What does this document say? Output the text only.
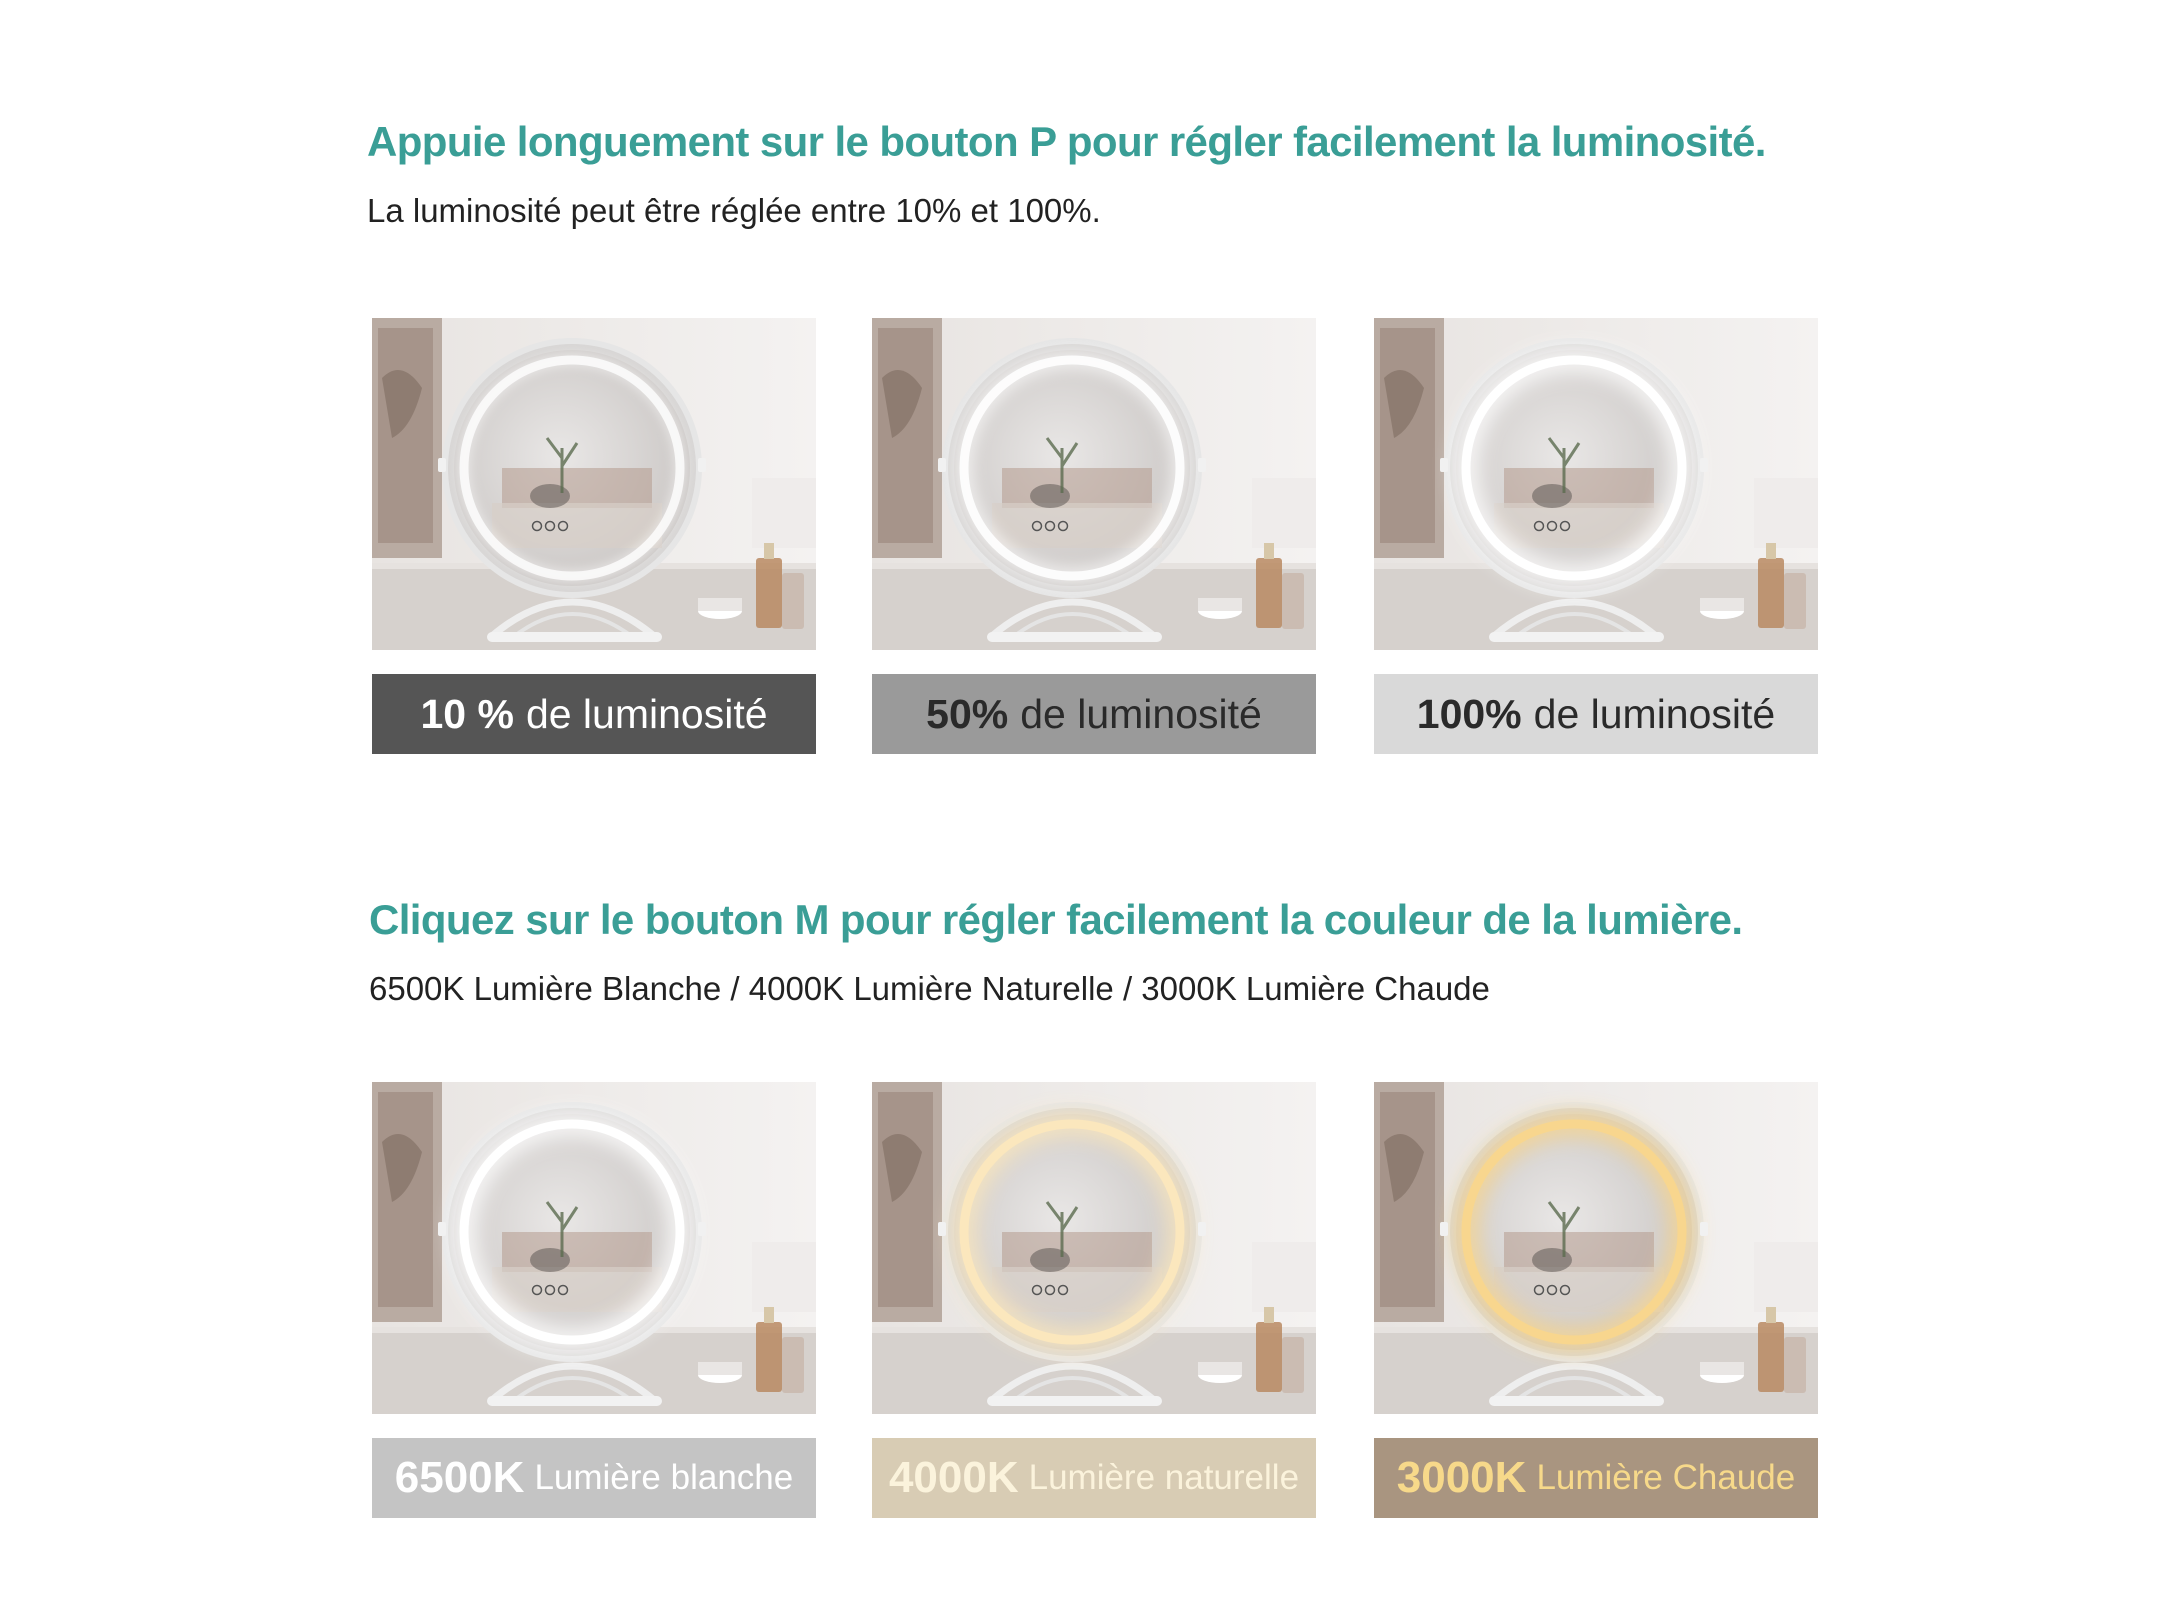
Appuie longuement sur le bouton P pour régler facilement la luminosité.
La luminosité peut être réglée entre 10% et 100%.
10 % de luminosité	50% de luminosité	100% de luminosité
Cliquez sur le bouton M pour régler facilement la couleur de la lumière.
6500K Lumière Blanche / 4000K Lumière Naturelle / 3000K Lumière Chaude
6500K Lumière blanche 4000K Lumière naturelle 3000K Lumière Chaude
